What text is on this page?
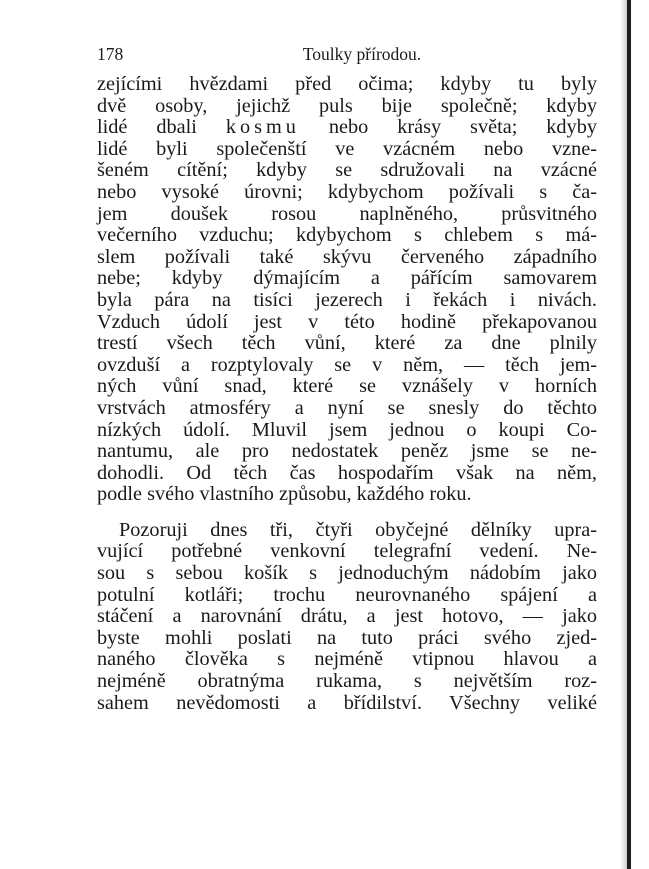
178	Toulky přírodou.
zejícími hvězdami před očima; kdyby tu byly
dvě osoby, jejichž puls bije společně; kdyby
lidé dbali kosmu nebo krásy světa; kdyby
lidé byli společenští ve vzácném nebo vzne-
šeném cítění; kdyby se sdružovali na vzácné
nebo vysoké úrovni; kdybychom požívali s ča-
jem doušek rosou naplněného, průsvitného
večerního vzduchu; kdybychom s chlebem s má-
slem požívali také skývu červeného západního
nebe; kdyby dýmajícím a pářícím samovarem
byla pára na tisíci jezerech i řekách i nivách.
Vzduch údolí jest v této hodině překapovanou
trestí všech těch vůní, které za dne plnily
ovzduší a rozptylovaly se v něm, — těch jem-
ných vůní snad, které se vznášely v horních
vrstvách atmosféry a nyní se snesly do těchto
nízkých údolí. Mluvil jsem jednou o koupi Co-
nantumu, ale pro nedostatek peněz jsme se ne-
dohodli. Od těch čas hospodařím však na něm,
podle svého vlastního způsobu, každého roku.
Pozoruji dnes tři, čtyři obyčejné dělníky upra-
vující potřebné venkovní telegrafní vedení. Ne-
sou s sebou košík s jednoduchým nádobím jako
potulní kotláři; trochu neurovnaného spájení a
stáčení a narovnání drátu, a jest hotovo, — jako
byste mohli poslati na tuto práci svého zjed-
naného člověka s nejméně vtipnou hlavou a
nejméně obratnýma rukama, s největším roz-
sahem nevědomosti a břídilství. Všechny veliké
